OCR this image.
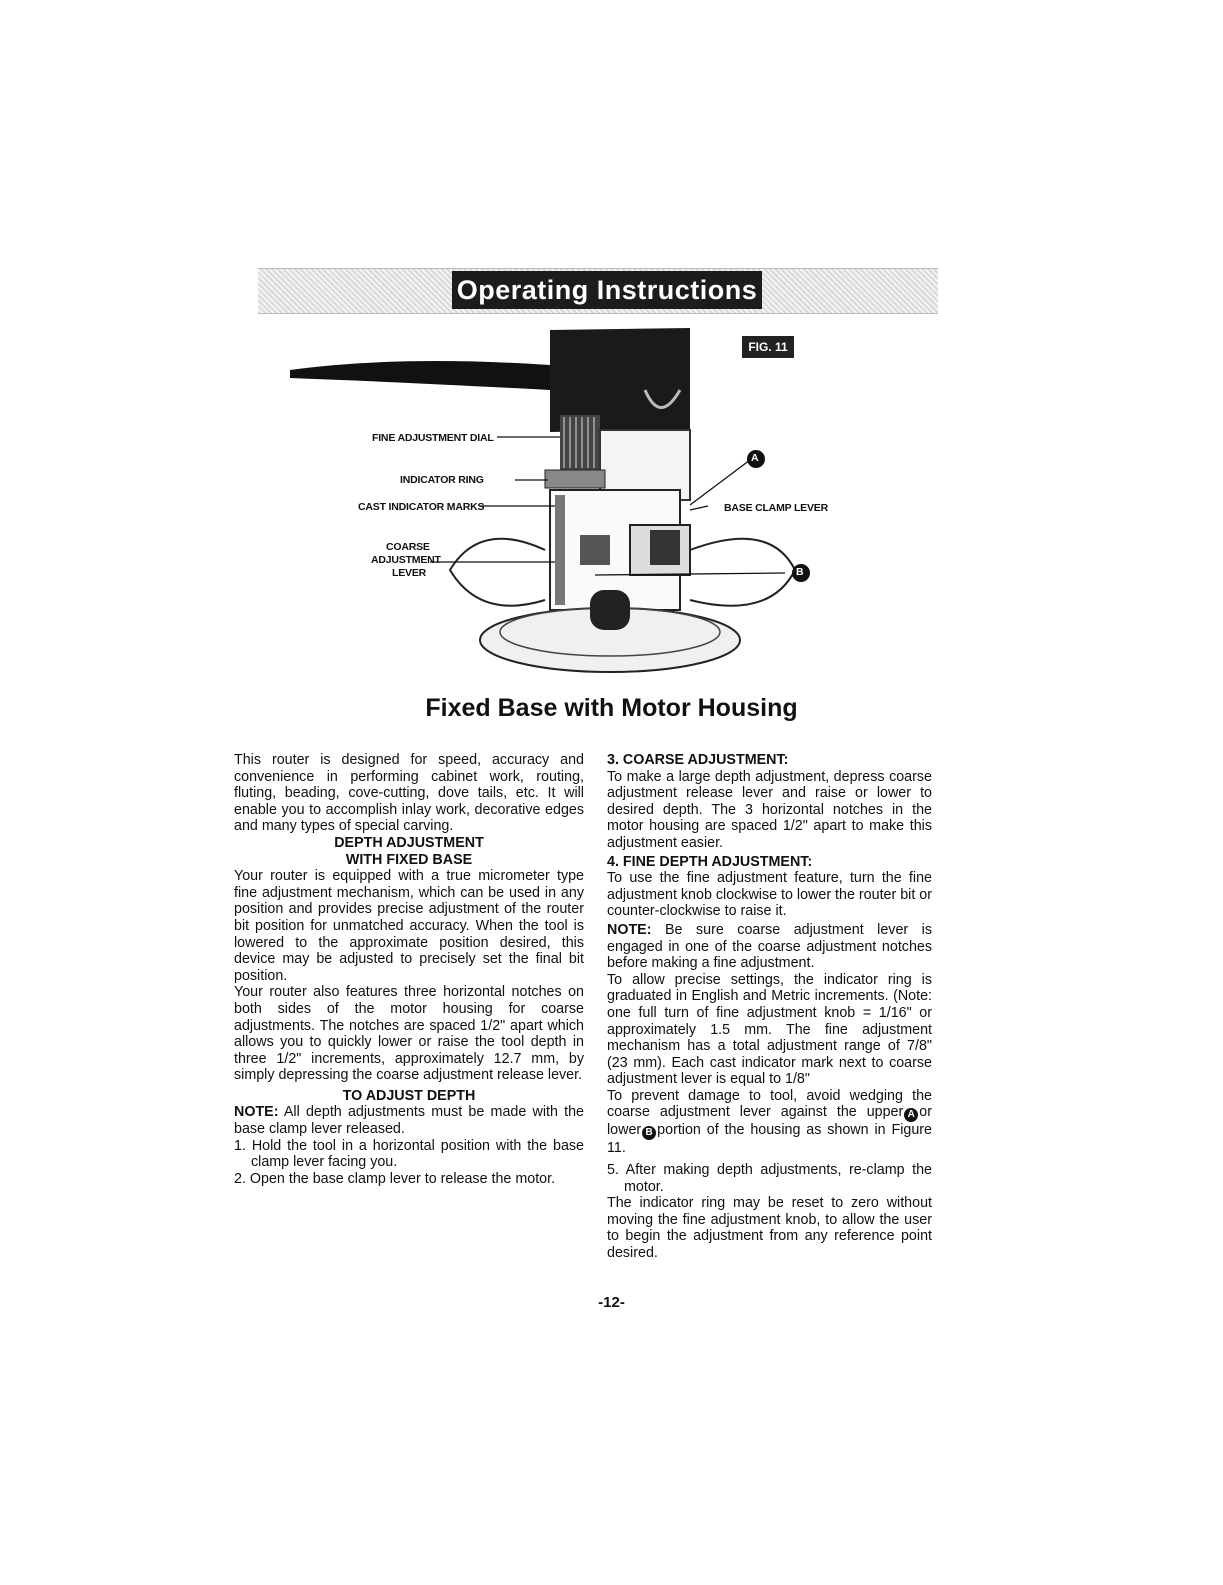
Operating Instructions
FIG. 11
FINE ADJUSTMENT DIAL
INDICATOR RING
CAST INDICATOR MARKS
COARSE
ADJUSTMENT
LEVER
BASE CLAMP LEVER
A
B
Fixed Base with Motor Housing

This router is designed for speed, accuracy and convenience in performing cabinet work, routing, fluting, beading, cove-cutting, dove tails, etc. It will enable you to accomplish inlay work, decorative edges and many types of special carving.

DEPTH ADJUSTMENT

WITH FIXED BASE

Your router is equipped with a true micrometer type fine adjustment mechanism, which can be used in any position and provides precise adjustment of the router bit position for unmatched accuracy. When the tool is lowered to the approximate position desired, this device may be adjusted to precisely set the final bit position.

Your router also features three horizontal notches on both sides of the motor housing for coarse adjustments. The notches are spaced 1/2" apart which allows you to quickly lower or raise the tool depth in three 1/2" increments, approximately 12.7 mm, by simply depressing the coarse adjustment release lever.

TO ADJUST DEPTH

NOTE: All depth adjustments must be made with the base clamp lever released.

1. Hold the tool in a horizontal position with the base clamp lever facing you.

2. Open the base clamp lever to release the motor.

3. COARSE ADJUSTMENT:

To make a large depth adjustment, depress coarse adjustment release lever and raise or lower to desired depth. The 3 horizontal notches in the motor housing are spaced 1/2" apart to make this adjustment easier.

4. FINE DEPTH ADJUSTMENT:

To use the fine adjustment feature, turn the fine adjustment knob clockwise to lower the router bit or counter-clockwise to raise it.

NOTE: Be sure coarse adjustment lever is engaged in one of the coarse adjustment notches before making a fine adjustment.

To allow precise settings, the indicator ring is graduated in English and Metric increments. (Note: one full turn of fine adjustment knob = 1/16" or approximately 1.5 mm. The fine adjustment mechanism has a total adjustment range of 7/8" (23 mm). Each cast indicator mark next to coarse adjustment lever is equal to 1/8"

To prevent damage to tool, avoid wedging the coarse adjustment lever against the upper A or lower B portion of the housing as shown in Figure 11.

5. After making depth adjustments, re-clamp the motor.

The indicator ring may be reset to zero without moving the fine adjustment knob, to allow the user to begin the adjustment from any reference point desired.

-12-
